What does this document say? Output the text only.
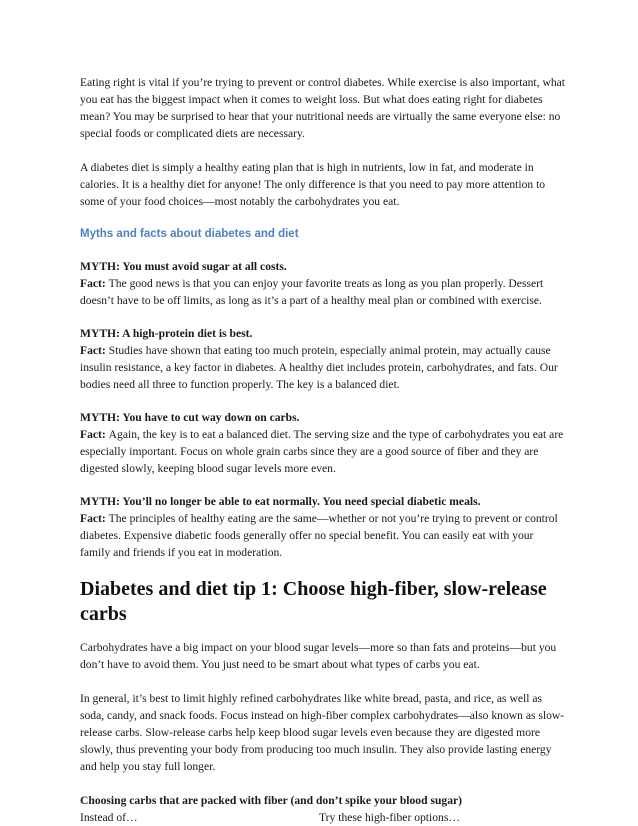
Eating right is vital if you’re trying to prevent or control diabetes. While exercise is also important, what you eat has the biggest impact when it comes to weight loss. But what does eating right for diabetes mean? You may be surprised to hear that your nutritional needs are virtually the same everyone else: no special foods or complicated diets are necessary.

A diabetes diet is simply a healthy eating plan that is high in nutrients, low in fat, and moderate in calories. It is a healthy diet for anyone! The only difference is that you need to pay more attention to some of your food choices—most notably the carbohydrates you eat.

Myths and facts about diabetes and diet
MYTH: You must avoid sugar at all costs.
Fact: The good news is that you can enjoy your favorite treats as long as you plan properly. Dessert doesn’t have to be off limits, as long as it’s a part of a healthy meal plan or combined with exercise.
MYTH: A high-protein diet is best.
Fact: Studies have shown that eating too much protein, especially animal protein, may actually cause insulin resistance, a key factor in diabetes. A healthy diet includes protein, carbohydrates, and fats. Our bodies need all three to function properly. The key is a balanced diet.
MYTH: You have to cut way down on carbs.
Fact: Again, the key is to eat a balanced diet. The serving size and the type of carbohydrates you eat are especially important. Focus on whole grain carbs since they are a good source of fiber and they are digested slowly, keeping blood sugar levels more even.
MYTH: You’ll no longer be able to eat normally. You need special diabetic meals.
Fact: The principles of healthy eating are the same—whether or not you’re trying to prevent or control diabetes. Expensive diabetic foods generally offer no special benefit. You can easily eat with your family and friends if you eat in moderation.
Diabetes and diet tip 1: Choose high-fiber, slow-release carbs

Carbohydrates have a big impact on your blood sugar levels—more so than fats and proteins—but you don’t have to avoid them. You just need to be smart about what types of carbs you eat.

In general, it’s best to limit highly refined carbohydrates like white bread, pasta, and rice, as well as soda, candy, and snack foods. Focus instead on high-fiber complex carbohydrates—also known as slow-release carbs. Slow-release carbs help keep blood sugar levels even because they are digested more slowly, thus preventing your body from producing too much insulin. They also provide lasting energy and help you stay full longer.

Choosing carbs that are packed with fiber (and don’t spike your blood sugar)
Instead of…	Try these high-fiber options…
